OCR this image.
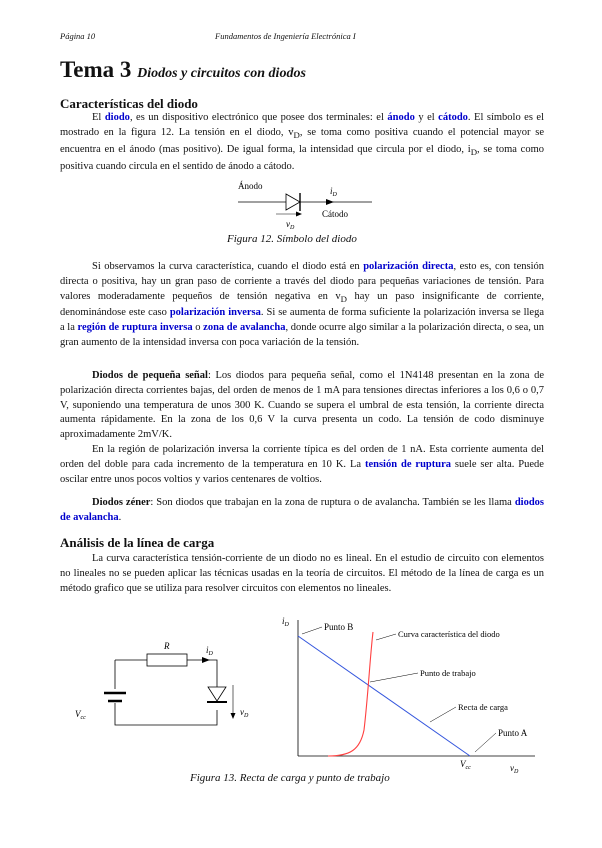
Página 10	Fundamentos de Ingeniería Electrónica I
Tema 3 Diodos y circuitos con diodos
Características del diodo

El diodo, es un dispositivo electrónico que posee dos terminales: el ánodo y el cátodo. El símbolo es el mostrado en la figura 12. La tensión en el diodo, $v_D$, se toma como positiva cuando el potencial mayor se encuentra en el ánodo (mas positivo). De igual forma, la intensidad que circula por el diodo, $i_D$, se toma como positiva cuando circula en el sentido de ánodo a cátodo.

Ánodo	$i_D$
Cátodo
$v_D$
Figura 12. Símbolo del diodo

Si observamos la curva característica, cuando el diodo está en polarización directa, esto es, con tensión directa o positiva, hay un gran paso de corriente a través del diodo para pequeñas variaciones de tensión. Para valores moderadamente pequeños de tensión negativa en $v_D$ hay un paso insignificante de corriente, denominándose este caso polarización inversa. Si se aumenta de forma suficiente la polarización inversa se llega a la región de ruptura inversa o zona de avalancha, donde ocurre algo similar a la polarización directa, o sea, un gran aumento de la intensidad inversa con poca variación de la tensión.

Diodos de pequeña señal: Los diodos para pequeña señal, como el 1N4148 presentan en la zona de polarización directa corrientes bajas, del orden de menos de 1 mA para tensiones directas inferiores a los 0,6 o 0,7 V, suponiendo una temperatura de unos 300 K. Cuando se supera el umbral de esta tensión, la corriente directa aumenta rápidamente. En la zona de los 0,6 V la curva presenta un codo. La tensión de codo disminuye aproximadamente 2mV/K.

En la región de polarización inversa la corriente típica es del orden de 1 nA. Esta corriente aumenta del orden del doble para cada incremento de la temperatura en 10 K. La tensión de ruptura suele ser alta. Puede oscilar entre unos pocos voltios y varios centenares de voltios.

Diodos zéner: Son diodos que trabajan en la zona de ruptura o de avalancha. También se les llama diodos de avalancha.

Análisis de la línea de carga

La curva característica tensión-corriente de un diodo no es lineal. En el estudio de circuito con elementos no lineales no se pueden aplicar las técnicas usadas en la teoría de circuitos. El método de la línea de carga es un método grafico que se utiliza para resolver circuitos con elementos no lineales.

R	$i_D$
$V_{cc}$
$v_D$
$i_D$
$v_D$
$V_{cc}$
Punto B
Curva característica del diodo
Punto de trabajo
Recta de carga
Punto A
Figura 13. Recta de carga y punto de trabajo
